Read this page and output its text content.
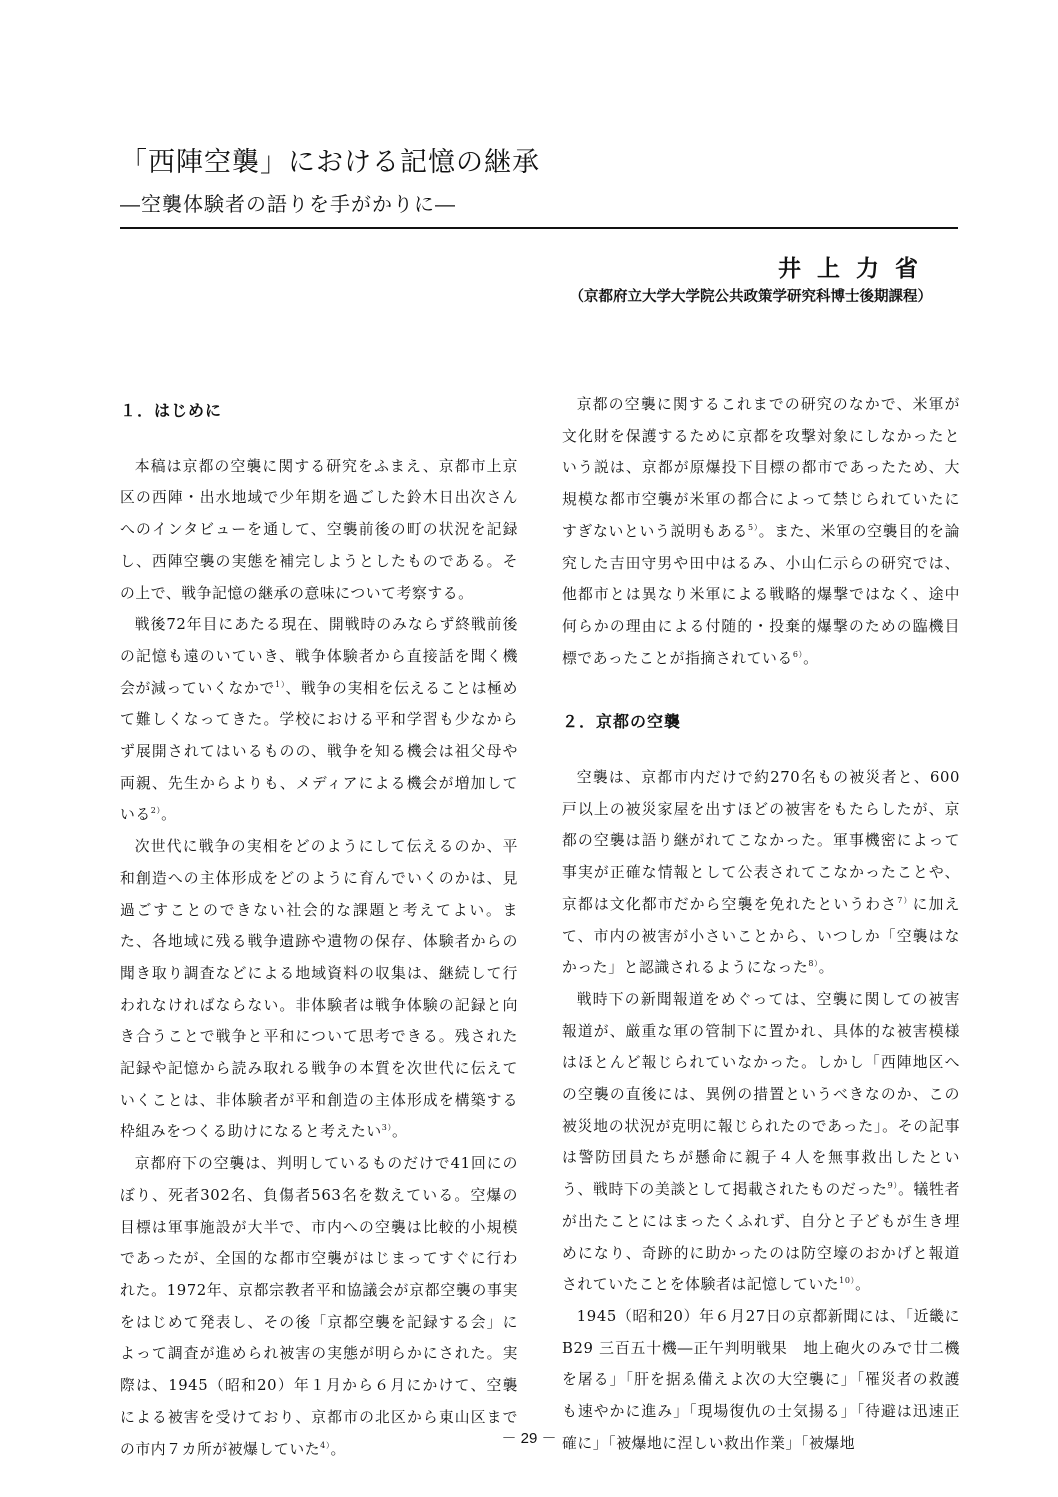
「西陣空襲」における記憶の継承
―空襲体験者の語りを手がかりに―
井上力省
（京都府立大学大学院公共政策学研究科博士後期課程）
１．はじめに

本稿は京都の空襲に関する研究をふまえ、京都市上京区の西陣・出水地域で少年期を過ごした鈴木日出次さんへのインタビューを通して、空襲前後の町の状況を記録し、西陣空襲の実態を補完しようとしたものである。その上で、戦争記憶の継承の意味について考察する。

戦後72年目にあたる現在、開戦時のみならず終戦前後の記憶も遠のいていき、戦争体験者から直接話を聞く機会が減っていくなかで$^{1)}$、戦争の実相を伝えることは極めて難しくなってきた。学校における平和学習も少なからず展開されてはいるものの、戦争を知る機会は祖父母や両親、先生からよりも、メディアによる機会が増加している$^{2)}$。

次世代に戦争の実相をどのようにして伝えるのか、平和創造への主体形成をどのように育んでいくのかは、見過ごすことのできない社会的な課題と考えてよい。また、各地域に残る戦争遺跡や遺物の保存、体験者からの聞き取り調査などによる地域資料の収集は、継続して行われなければならない。非体験者は戦争体験の記録と向き合うことで戦争と平和について思考できる。残された記録や記憶から読み取れる戦争の本質を次世代に伝えていくことは、非体験者が平和創造の主体形成を構築する枠組みをつくる助けになると考えたい$^{3)}$。

京都府下の空襲は、判明しているものだけで41回にのぼり、死者302名、負傷者563名を数えている。空爆の目標は軍事施設が大半で、市内への空襲は比較的小規模であったが、全国的な都市空襲がはじまってすぐに行われた。1972年、京都宗教者平和協議会が京都空襲の事実をはじめて発表し、その後「京都空襲を記録する会」によって調査が進められ被害の実態が明らかにされた。実際は、1945（昭和20）年１月から６月にかけて、空襲による被害を受けており、京都市の北区から東山区までの市内７カ所が被爆していた$^{4)}$。

京都の空襲に関するこれまでの研究のなかで、米軍が文化財を保護するために京都を攻撃対象にしなかったという説は、京都が原爆投下目標の都市であったため、大規模な都市空襲が米軍の都合によって禁じられていたにすぎないという説明もある$^{5)}$。また、米軍の空襲目的を論究した吉田守男や田中はるみ、小山仁示らの研究では、他都市とは異なり米軍による戦略的爆撃ではなく、途中何らかの理由による付随的・投棄的爆撃のための臨機目標であったことが指摘されている$^{6)}$。

２．京都の空襲

空襲は、京都市内だけで約270名もの被災者と、600戸以上の被災家屋を出すほどの被害をもたらしたが、京都の空襲は語り継がれてこなかった。軍事機密によって事実が正確な情報として公表されてこなかったことや、京都は文化都市だから空襲を免れたというわさ$^{7)}$に加えて、市内の被害が小さいことから、いつしか「空襲はなかった」と認識されるようになった$^{8)}$。

戦時下の新聞報道をめぐっては、空襲に関しての被害報道が、厳重な軍の管制下に置かれ、具体的な被害模様はほとんど報じられていなかった。しかし「西陣地区への空襲の直後には、異例の措置というべきなのか、この被災地の状況が克明に報じられたのであった」。その記事は警防団員たちが懸命に親子４人を無事救出したという、戦時下の美談として掲載されたものだった$^{9)}$。犠牲者が出たことにはまったくふれず、自分と子どもが生き埋めになり、奇跡的に助かったのは防空壕のおかげと報道されていたことを体験者は記憶していた$^{10)}$。

1945（昭和20）年６月27日の京都新聞には、「近畿にB29 三百五十機―正午判明戦果　地上砲火のみで廿二機を屠る」「肝を据ゑ備えよ次の大空襲に」「罹災者の救護も速やかに進み」「現場復仇の士気揚る」「待避は迅速正確に」「被爆地に涅しい救出作業」「被爆地

－ 29 －
